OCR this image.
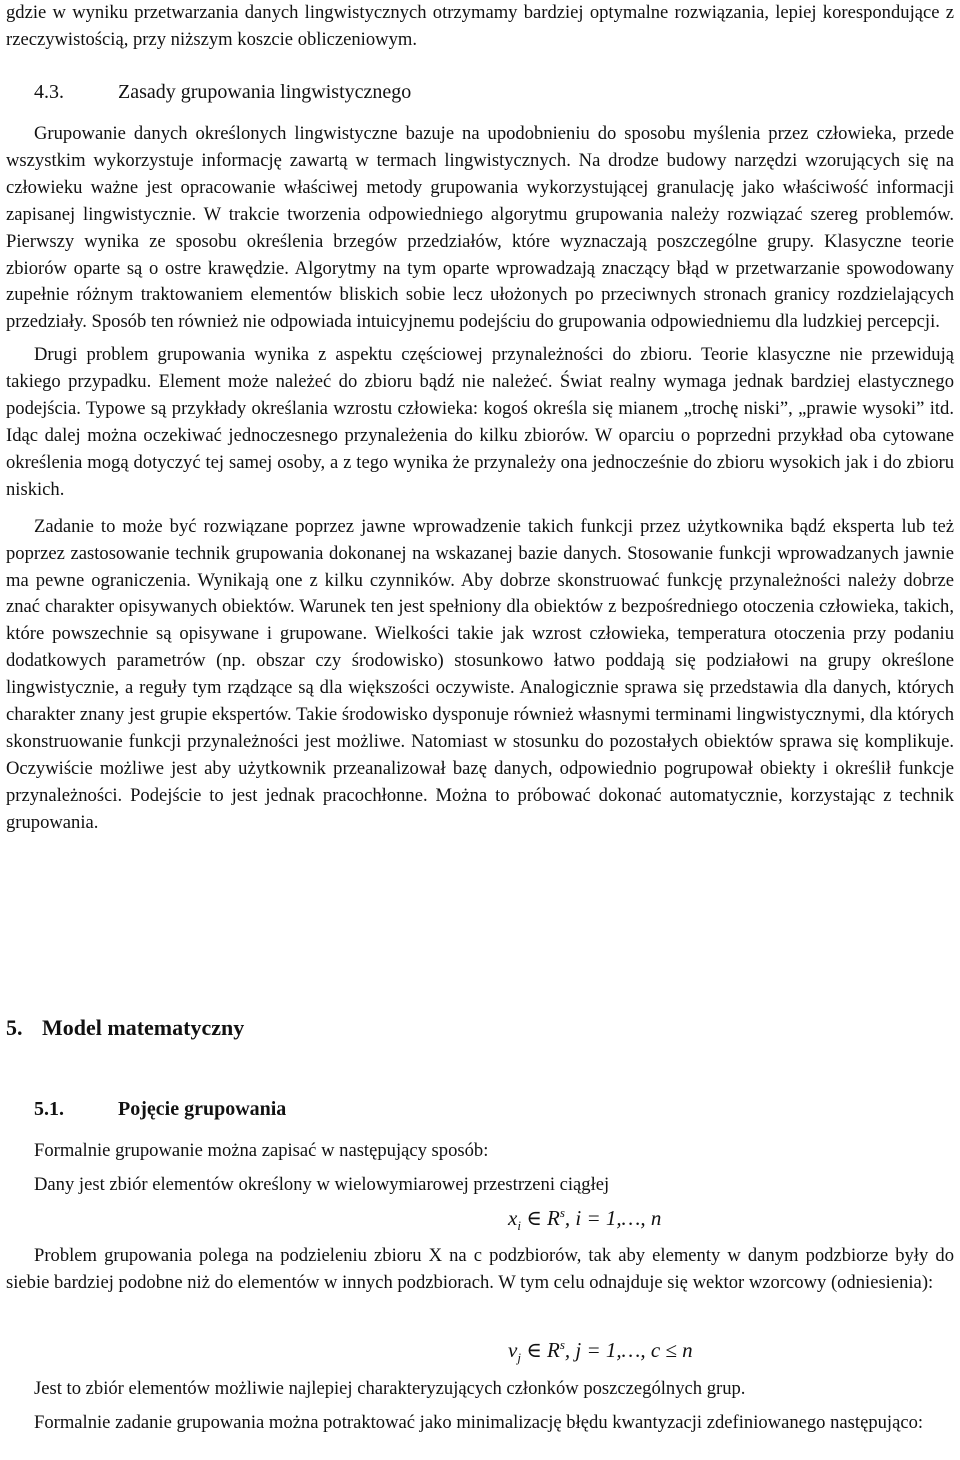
gdzie w wyniku przetwarzania danych lingwistycznych otrzymamy bardziej optymalne rozwiązania, lepiej korespondujące z rzeczywistością, przy niższym koszcie obliczeniowym.

4.3.	Zasady grupowania lingwistycznego

Grupowanie danych określonych lingwistyczne bazuje na upodobnieniu do sposobu myślenia przez człowieka, przede wszystkim wykorzystuje informację zawartą w termach lingwistycznych. Na drodze budowy narzędzi wzorujących się na człowieku ważne jest opracowanie właściwej metody grupowania wykorzystującej granulację jako właściwość informacji zapisanej lingwistycznie. W trakcie tworzenia odpowiedniego algorytmu grupowania należy rozwiązać szereg problemów. Pierwszy wynika ze sposobu określenia brzegów przedziałów, które wyznaczają poszczególne grupy. Klasyczne teorie zbiorów oparte są o ostre krawędzie. Algorytmy na tym oparte wprowadzają znaczący błąd w przetwarzanie spowodowany zupełnie różnym traktowaniem elementów bliskich sobie lecz ułożonych po przeciwnych stronach granicy rozdzielających przedziały. Sposób ten również nie odpowiada intuicyjnemu podejściu do grupowania odpowiedniemu dla ludzkiej percepcji.

Drugi problem grupowania wynika z aspektu częściowej przynależności do zbioru. Teorie klasyczne nie przewidują takiego przypadku. Element może należeć do zbioru bądź nie należeć. Świat realny wymaga jednak bardziej elastycznego podejścia. Typowe są przykłady określania wzrostu człowieka: kogoś określa się mianem „trochę niski”, „prawie wysoki” itd. Idąc dalej można oczekiwać jednoczesnego przynależenia do kilku zbiorów. W oparciu o poprzedni przykład oba cytowane określenia mogą dotyczyć tej samej osoby, a z tego wynika że przynależy ona jednocześnie do zbioru wysokich jak i do zbioru niskich.

Zadanie to może być rozwiązane poprzez jawne wprowadzenie takich funkcji przez użytkownika bądź eksperta lub też poprzez zastosowanie technik grupowania dokonanej na wskazanej bazie danych. Stosowanie funkcji wprowadzanych jawnie ma pewne ograniczenia. Wynikają one z kilku czynników. Aby dobrze skonstruować funkcję przynależności należy dobrze znać charakter opisywanych obiektów. Warunek ten jest spełniony dla obiektów z bezpośredniego otoczenia człowieka, takich, które powszechnie są opisywane i grupowane. Wielkości takie jak wzrost człowieka, temperatura otoczenia przy podaniu dodatkowych parametrów (np. obszar czy środowisko) stosunkowo łatwo poddają się podziałowi na grupy określone lingwistycznie, a reguły tym rządzące są dla większości oczywiste. Analogicznie sprawa się przedstawia dla danych, których charakter znany jest grupie ekspertów. Takie środowisko dysponuje również własnymi terminami lingwistycznymi, dla których skonstruowanie funkcji przynależności jest możliwe. Natomiast w stosunku do pozostałych obiektów sprawa się komplikuje. Oczywiście możliwe jest aby użytkownik przeanalizował bazę danych, odpowiednio pogrupował obiekty i określił funkcje przynależności. Podejście to jest jednak pracochłonne. Można to próbować dokonać automatycznie, korzystając z technik grupowania.

5. Model matematyczny
5.1.	Pojęcie grupowania

Formalnie grupowanie można zapisać w następujący sposób:

Dany jest zbiór elementów określony w wielowymiarowej przestrzeni ciągłej

$x_i$ ∈ $R^s$, i = 1,…, n

Problem grupowania polega na podzieleniu zbioru X na c podzbiorów, tak aby elementy w danym podzbiorze były do siebie bardziej podobne niż do elementów w innych podzbiorach. W tym celu odnajduje się wektor wzorcowy (odniesienia):

$v_j$ ∈ $R^s$, j = 1,…, c ≤ n

Jest to zbiór elementów możliwie najlepiej charakteryzujących członków poszczególnych grup.

Formalnie zadanie grupowania można potraktować jako minimalizację błędu kwantyzacji zdefiniowanego następująco:
